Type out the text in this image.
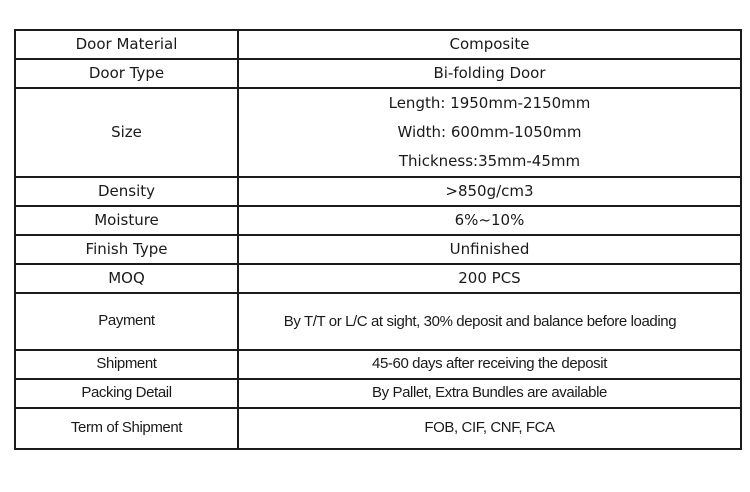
Door Material	Composite
Door Type	Bi-folding Door
Size	Length: 1950mm-2150mm
Width: 600mm-1050mm
Thickness:35mm-45mm

Density	>850g/cm3
Moisture	6%~10%
Finish Type	Unfinished
MOQ	200 PCS
Payment	By T/T or L/C at sight, 30% deposit and balance before loading

Shipment	45-60 days after receiving the deposit
Packing Detail	By Pallet, Extra Bundles are available
Term of Shipment	FOB, CIF, CNF, FCA
